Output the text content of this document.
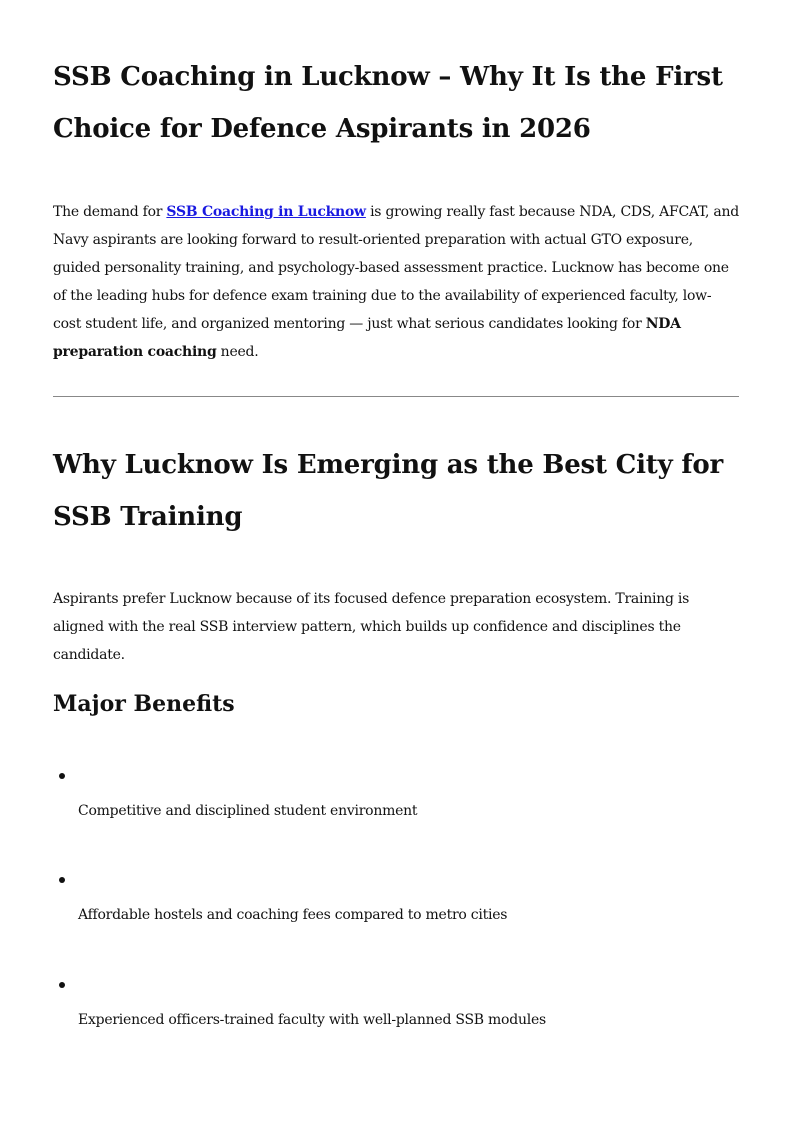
SSB Coaching in Lucknow – Why It Is the First Choice for Defence Aspirants in 2026

The demand for SSB Coaching in Lucknow is growing really fast because NDA, CDS, AFCAT, and Navy aspirants are looking forward to result-oriented preparation with actual GTO exposure, guided personality training, and psychology-based assessment practice. Lucknow has become one of the leading hubs for defence exam training due to the availability of experienced faculty, low-cost student life, and organized mentoring — just what serious candidates looking for NDA preparation coaching need.

Why Lucknow Is Emerging as the Best City for SSB Training

Aspirants prefer Lucknow because of its focused defence preparation ecosystem. Training is aligned with the real SSB interview pattern, which builds up confidence and disciplines the candidate.

Major Benefits
Competitive and disciplined student environment
Affordable hostels and coaching fees compared to metro cities
Experienced officers-trained faculty with well-planned SSB modules
